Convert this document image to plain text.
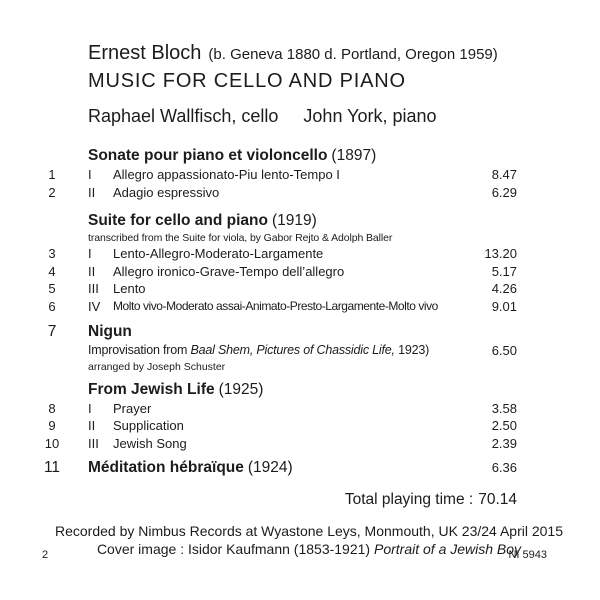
Ernest Bloch (b. Geneva 1880 d. Portland, Oregon 1959)
MUSIC FOR CELLO AND PIANO
Raphael Wallfisch, cello John York, piano
Sonate pour piano et violoncello (1897)
1	I	Allegro appassionato-Piu lento-Tempo I	8.47
2	II	Adagio espressivo	6.29
Suite for cello and piano (1919)
transcribed from the Suite for viola, by Gabor Rejto & Adolph Baller
3	I	Lento-Allegro-Moderato-Largamente	13.20
4	II	Allegro ironico-Grave-Tempo dell’allegro	5.17
5	III	Lento	4.26
6	IV	Molto vivo-Moderato assai-Animato-Presto-Largamente-Molto vivo	9.01
7	Nigun
Improvisation from Baal Shem, Pictures of Chassidic Life, 1923)	6.50
arranged by Joseph Schuster
From Jewish Life (1925)
8	I	Prayer	3.58
9	II	Supplication	2.50
10 III	Jewish Song	2.39
11 Méditation hébraïque (1924)	6.36
Total playing time : 70.14
Recorded by Nimbus Records at Wyastone Leys, Monmouth, UK 23/24 April 2015
Cover image : Isidor Kaufmann (1853-1921) Portrait of a Jewish Boy
2	NI 5943
